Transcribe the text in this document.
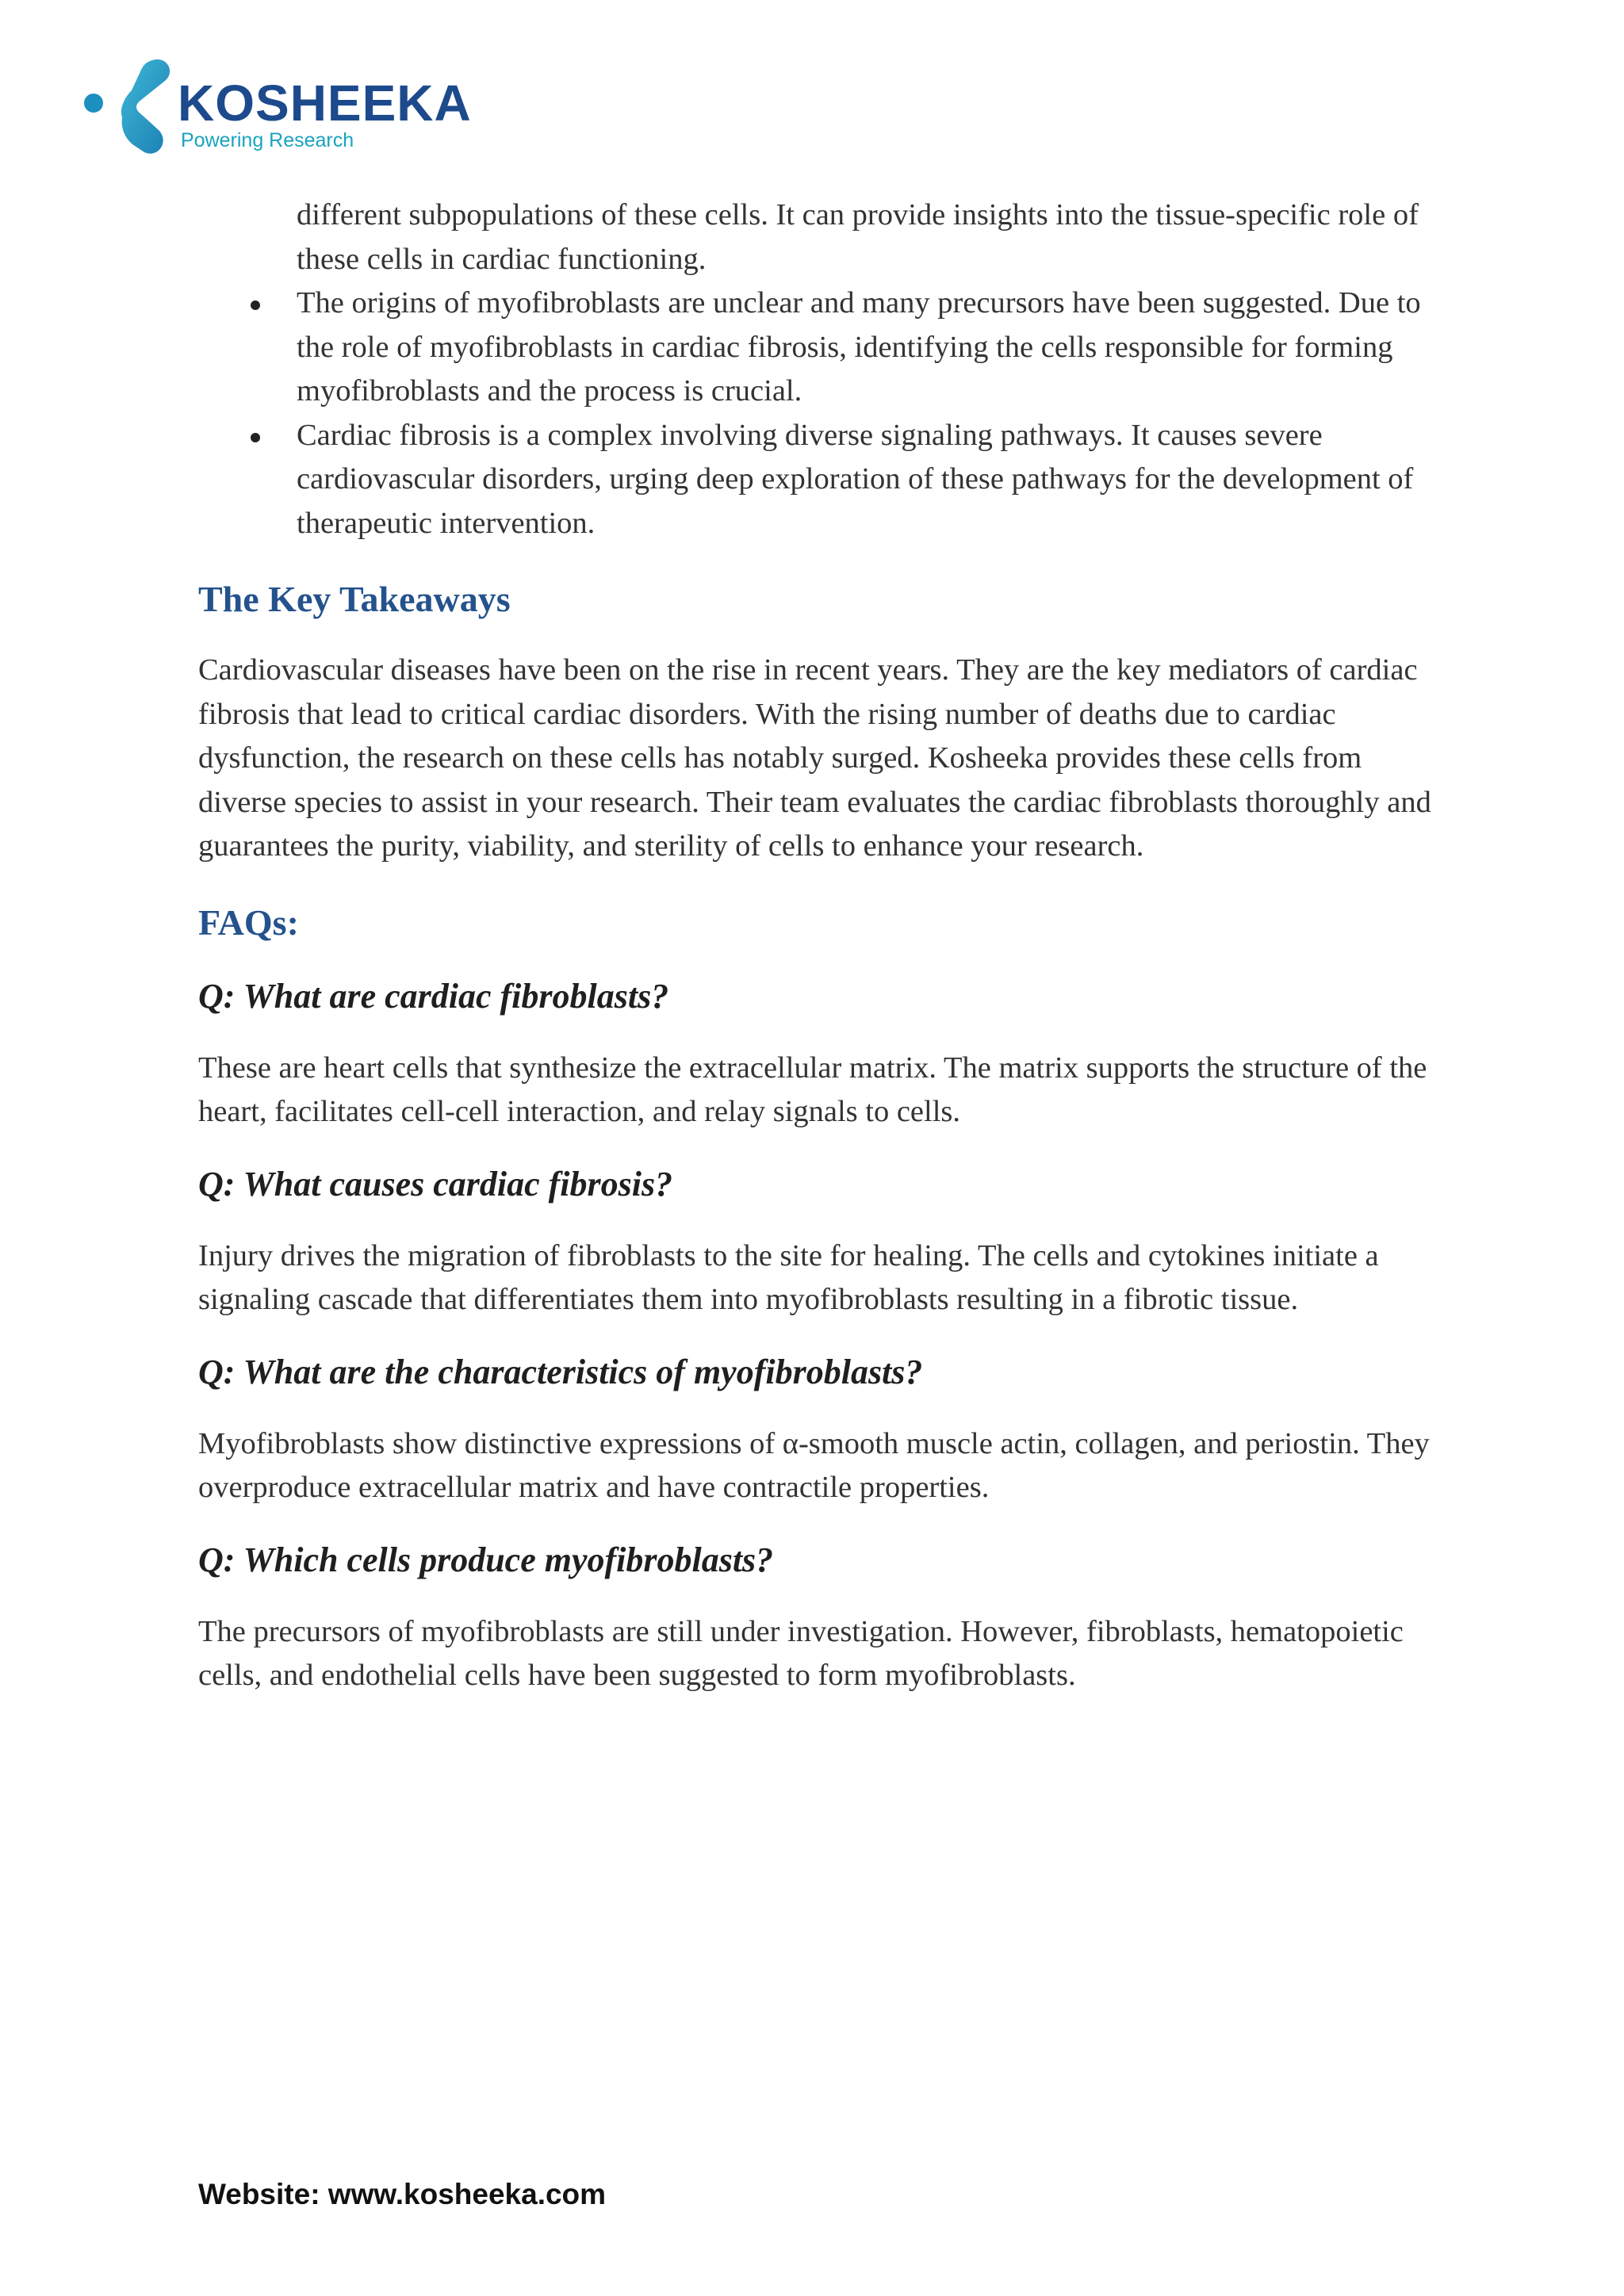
KOSHEEKA
Powering Research

different subpopulations of these cells. It can provide insights into the tissue-specific role of these cells in cardiac functioning.

The origins of myofibroblasts are unclear and many precursors have been suggested. Due to the role of myofibroblasts in cardiac fibrosis, identifying the cells responsible for forming myofibroblasts and the process is crucial.
Cardiac fibrosis is a complex involving diverse signaling pathways. It causes severe cardiovascular disorders, urging deep exploration of these pathways for the development of therapeutic intervention.
The Key Takeaways

Cardiovascular diseases have been on the rise in recent years. They are the key mediators of cardiac fibrosis that lead to critical cardiac disorders. With the rising number of deaths due to cardiac dysfunction, the research on these cells has notably surged. Kosheeka provides these cells from diverse species to assist in your research. Their team evaluates the cardiac fibroblasts thoroughly and guarantees the purity, viability, and sterility of cells to enhance your research.

FAQs:
Q: What are cardiac fibroblasts?

These are heart cells that synthesize the extracellular matrix. The matrix supports the structure of the heart, facilitates cell-cell interaction, and relay signals to cells.

Q: What causes cardiac fibrosis?

Injury drives the migration of fibroblasts to the site for healing. The cells and cytokines initiate a signaling cascade that differentiates them into myofibroblasts resulting in a fibrotic tissue.

Q: What are the characteristics of myofibroblasts?

Myofibroblasts show distinctive expressions of α-smooth muscle actin, collagen, and periostin. They overproduce extracellular matrix and have contractile properties.

Q: Which cells produce myofibroblasts?

The precursors of myofibroblasts are still under investigation. However, fibroblasts, hematopoietic cells, and endothelial cells have been suggested to form myofibroblasts.

Website: www.kosheeka.com
